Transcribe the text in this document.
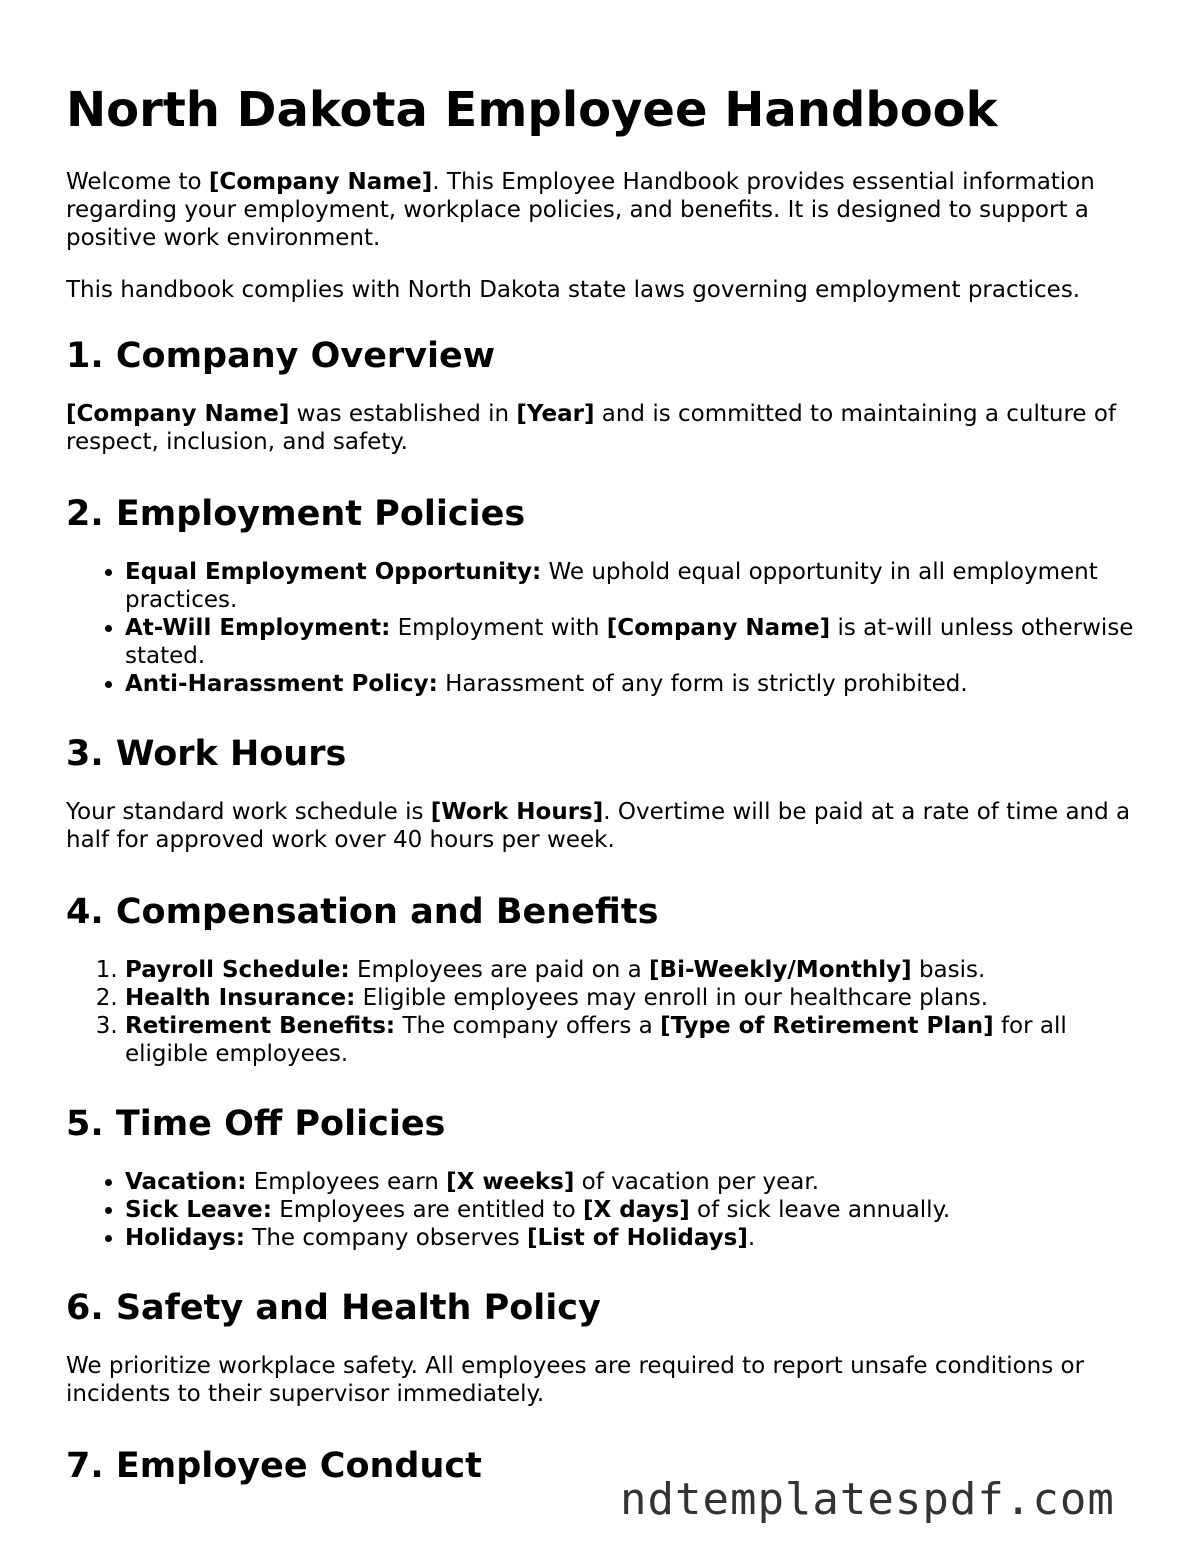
North Dakota Employee Handbook

Welcome to [Company Name]. This Employee Handbook provides essential information regarding your employment, workplace policies, and benefits. It is designed to support a positive work environment.

This handbook complies with North Dakota state laws governing employment practices.

1. Company Overview

[Company Name] was established in [Year] and is committed to maintaining a culture of respect, inclusion, and safety.

2. Employment Policies
• Equal Employment Opportunity: We uphold equal opportunity in all employment practices.
• At-Will Employment: Employment with [Company Name] is at-will unless otherwise stated.
• Anti-Harassment Policy: Harassment of any form is strictly prohibited.
3. Work Hours

Your standard work schedule is [Work Hours]. Overtime will be paid at a rate of time and a half for approved work over 40 hours per week.

4. Compensation and Benefits
1. Payroll Schedule: Employees are paid on a [Bi-Weekly/Monthly] basis.
2. Health Insurance: Eligible employees may enroll in our healthcare plans.
3. Retirement Benefits: The company offers a [Type of Retirement Plan] for all eligible employees.
5. Time Off Policies
• Vacation: Employees earn [X weeks] of vacation per year.
• Sick Leave: Employees are entitled to [X days] of sick leave annually.
• Holidays: The company observes [List of Holidays].
6. Safety and Health Policy

We prioritize workplace safety. All employees are required to report unsafe conditions or incidents to their supervisor immediately.

7. Employee Conduct
ndtemplatespdf.com
